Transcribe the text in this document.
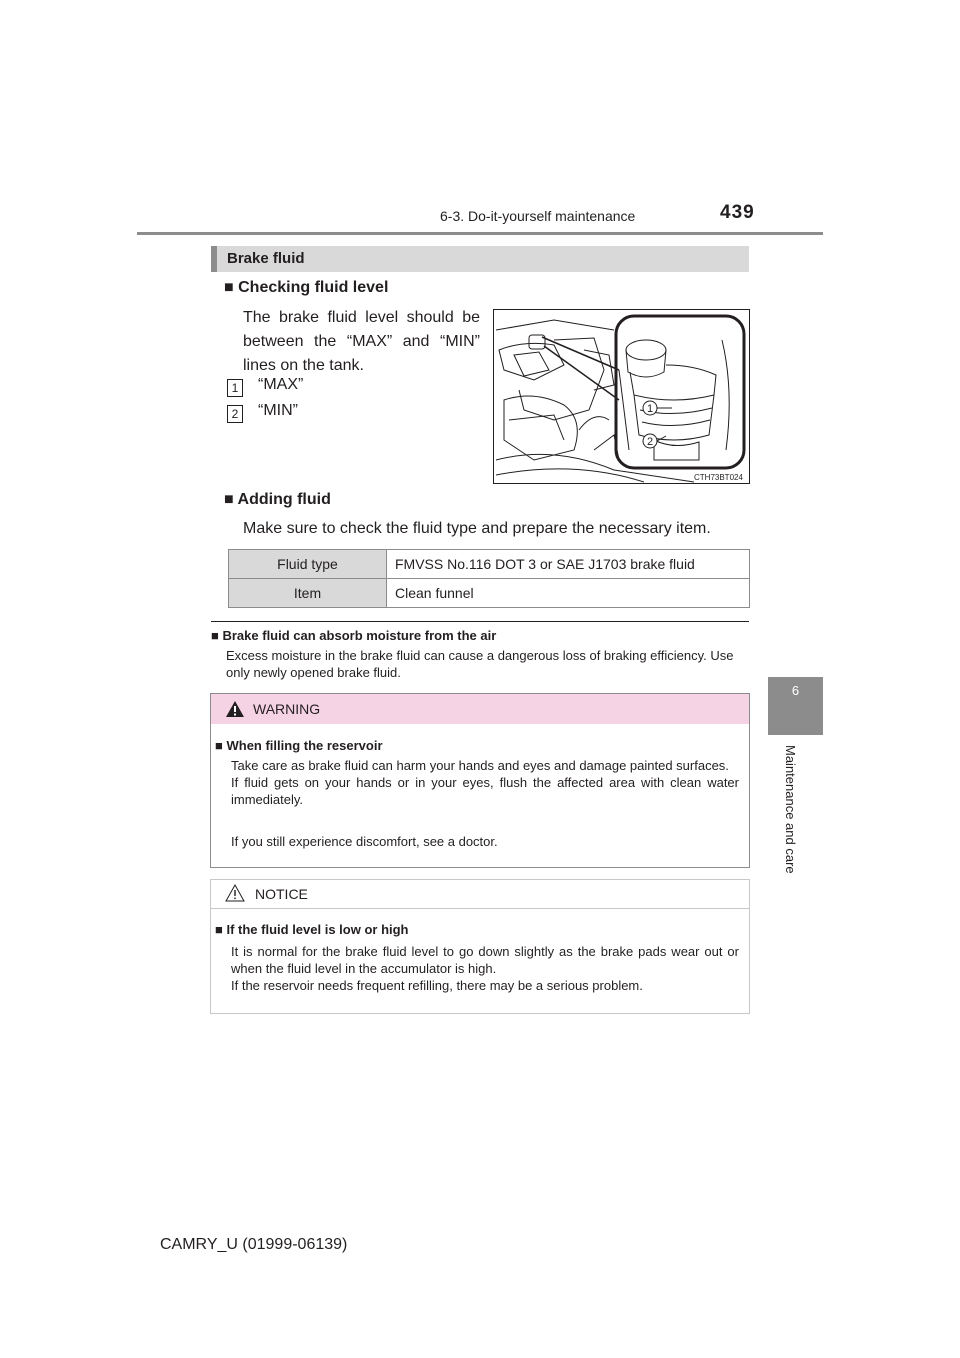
6-3. Do-it-yourself maintenance	439
6
Maintenance and care
Brake fluid
■ Checking fluid level
The brake fluid level should be between the “MAX” and “MIN” lines on the tank.
1 “MAX”
2 “MIN”	1
2
CTH73BT024
■ Adding fluid
Make sure to check the fluid type and prepare the necessary item.
Fluid type	FMVSS No.116 DOT 3 or SAE J1703 brake fluid
Item	Clean funnel
■ Brake fluid can absorb moisture from the air
Excess moisture in the brake fluid can cause a dangerous loss of braking efficiency. Use only newly opened brake fluid.
WARNING
■ When filling the reservoir

Take care as brake fluid can harm your hands and eyes and damage painted surfaces.

If fluid gets on your hands or in your eyes, flush the affected area with clean water immediately.

If you still experience discomfort, see a doctor.
NOTICE
■ If the fluid level is low or high

It is normal for the brake fluid level to go down slightly as the brake pads wear out or when the fluid level in the accumulator is high.

If the reservoir needs frequent refilling, there may be a serious problem.

CAMRY_U (01999-06139)
